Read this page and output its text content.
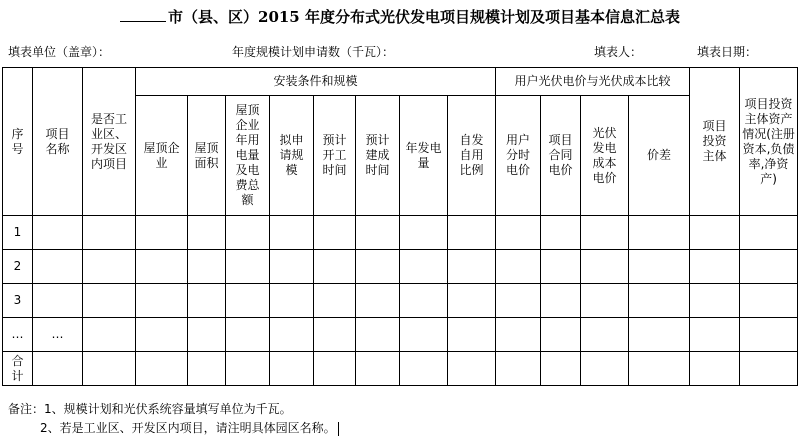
市（县、区）2015 年度分布式光伏发电项目规模计划及项目基本信息汇总表
填表单位（盖章）：	年度规模计划申请数（千瓦）：	填表人：	填表日期：
序号	项目名称	是否工业区、开发区内项目	安装条件和规模								用户光伏电价与光伏成本比较				项目投资主体	项目投资主体资产情况(注册资本,负债率,净资产)
			屋顶企业	屋顶面积	屋顶企业年用电量及电费总额	拟申请规模	预计开工时间	预计建成时间	年发电量	自发自用比例	用户分时电价	项目合同电价	光伏发电成本电价	价差		
1																
2																
3																
…	…															
合计																
备注：1、规模计划和光伏系统容量填写单位为千瓦。
2、若是工业区、开发区内项目，请注明具体园区名称。
